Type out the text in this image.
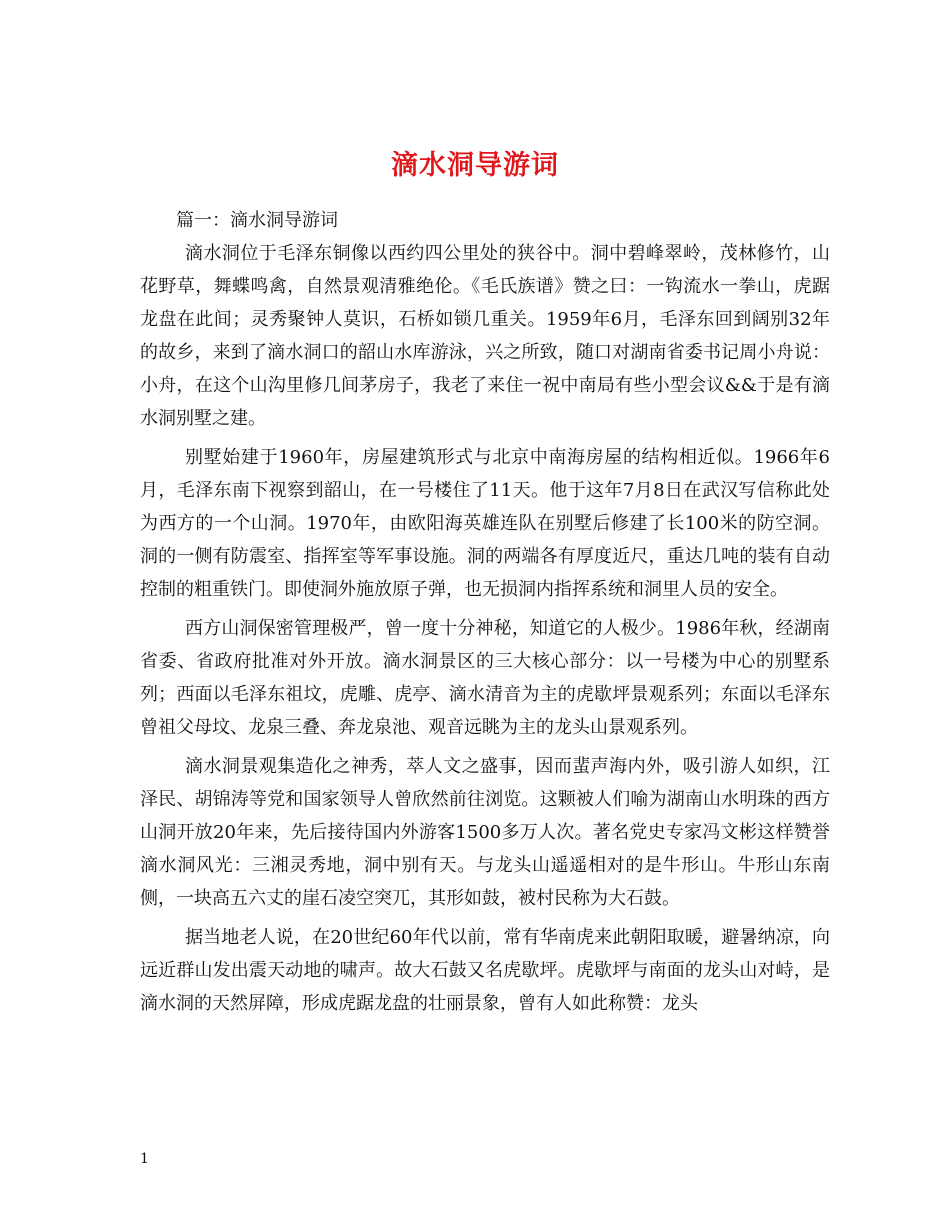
滴水洞导游词

篇一：滴水洞导游词

滴水洞位于毛泽东铜像以西约四公里处的狭谷中。洞中碧峰翠岭，茂林修竹，山花野草，舞蝶鸣禽，自然景观清雅绝伦。《毛氏族谱》赞之曰：一钩流水一拳山，虎踞龙盘在此间；灵秀聚钟人莫识，石桥如锁几重关。1959年6月，毛泽东回到阔别32年的故乡，来到了滴水洞口的韶山水库游泳，兴之所致，随口对湖南省委书记周小舟说：小舟，在这个山沟里修几间茅房子，我老了来住一祝中南局有些小型会议&&于是有滴水洞别墅之建。

别墅始建于1960年，房屋建筑形式与北京中南海房屋的结构相近似。1966年6月，毛泽东南下视察到韶山，在一号楼住了11天。他于这年7月8日在武汉写信称此处为西方的一个山洞。1970年，由欧阳海英雄连队在别墅后修建了长100米的防空洞。洞的一侧有防震室、指挥室等军事设施。洞的两端各有厚度近尺，重达几吨的装有自动控制的粗重铁门。即使洞外施放原子弹，也无损洞内指挥系统和洞里人员的安全。

西方山洞保密管理极严，曾一度十分神秘，知道它的人极少。1986年秋，经湖南省委、省政府批准对外开放。滴水洞景区的三大核心部分：以一号楼为中心的别墅系列；西面以毛泽东祖坟，虎雕、虎亭、滴水清音为主的虎歇坪景观系列；东面以毛泽东曾祖父母坟、龙泉三叠、奔龙泉池、观音远眺为主的龙头山景观系列。

滴水洞景观集造化之神秀，萃人文之盛事，因而蜚声海内外，吸引游人如织，江泽民、胡锦涛等党和国家领导人曾欣然前往浏览。这颗被人们喻为湖南山水明珠的西方山洞开放20年来，先后接待国内外游客1500多万人次。著名党史专家冯文彬这样赞誉滴水洞风光：三湘灵秀地，洞中别有天。与龙头山遥遥相对的是牛形山。牛形山东南侧，一块高五六丈的崖石凌空突兀，其形如鼓，被村民称为大石鼓。

据当地老人说，在20世纪60年代以前，常有华南虎来此朝阳取暖，避暑纳凉，向远近群山发出震天动地的啸声。故大石鼓又名虎歇坪。虎歇坪与南面的龙头山对峙，是滴水洞的天然屏障，形成虎踞龙盘的壮丽景象，曾有人如此称赞：龙头

1
